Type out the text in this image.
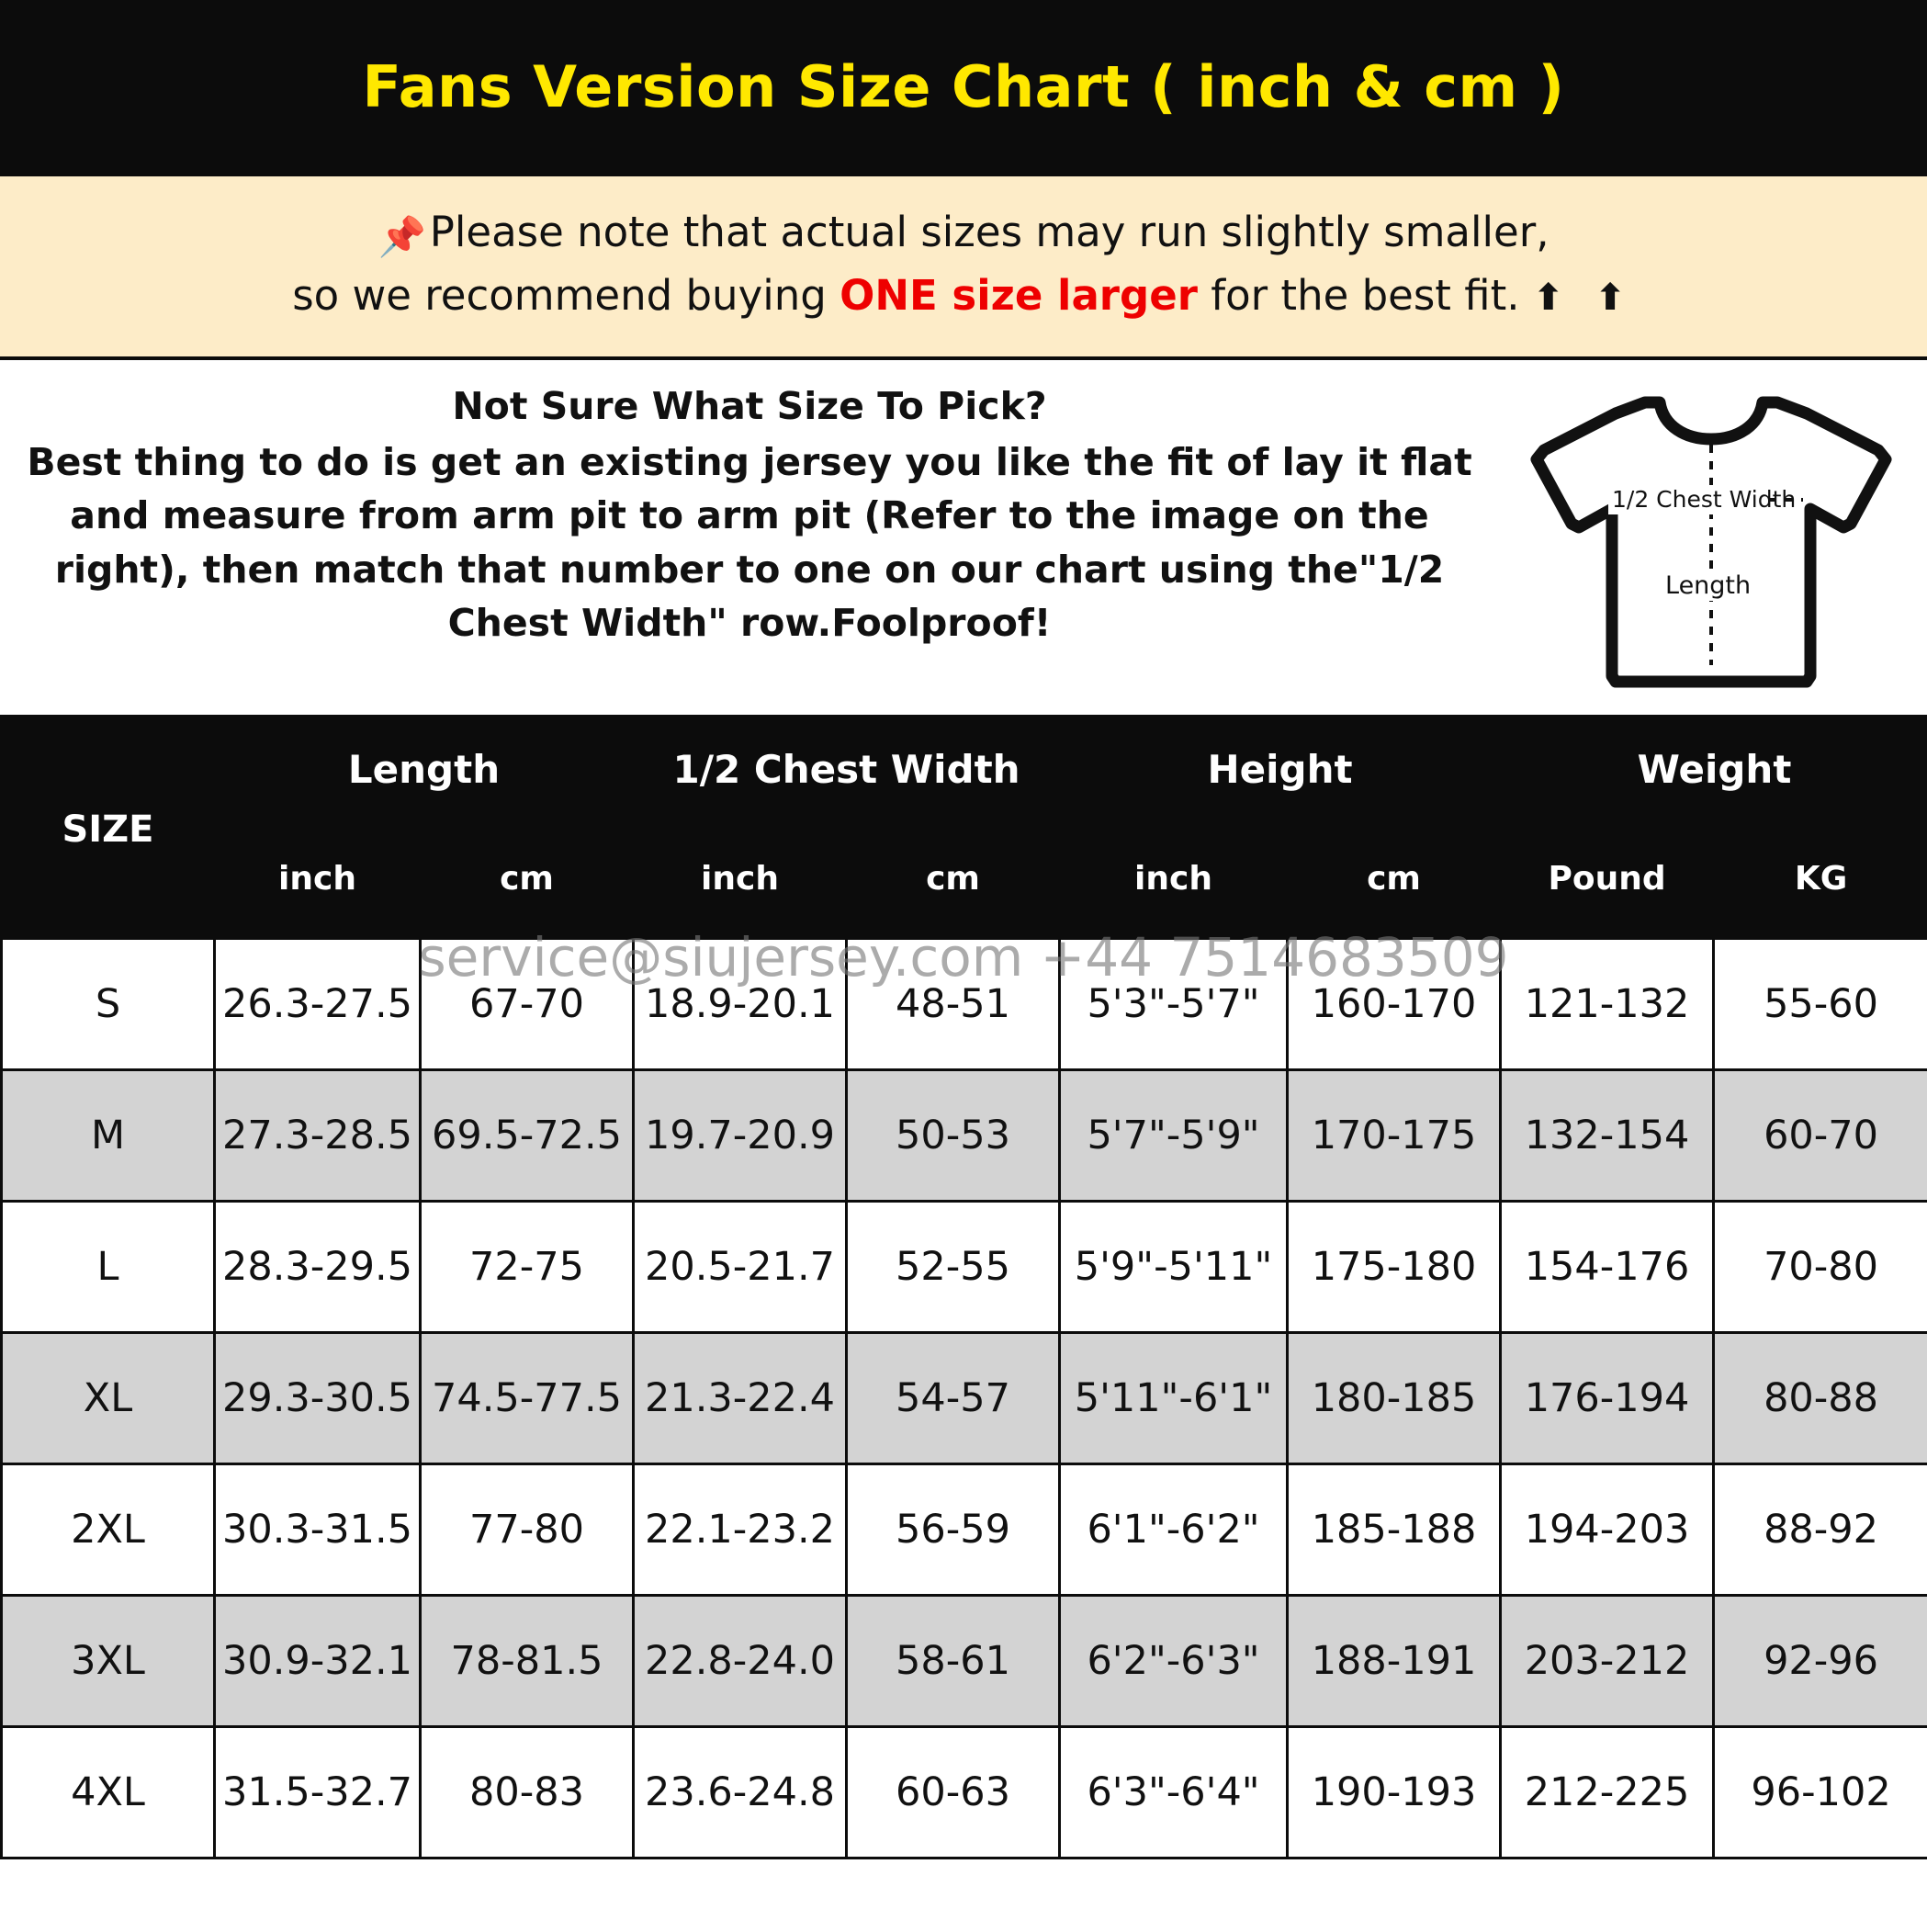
Fans Version Size Chart ( inch & cm )
📌Please note that actual sizes may run slightly smaller,
so we recommend buying ONE size larger for the best fit. ⬆ ⬆
Not Sure What Size To Pick?
Best thing to do is get an existing jersey you like the fit of lay it flat and measure from arm pit to arm pit (Refer to the image on the right), then match that number to one on our chart using the"1/2 Chest Width" row.Foolproof!
1/2 Chest Width
Length
SIZE	Length		1/2 Chest Width		Height		Weight	
	inch	cm	inch	cm	inch	cm	Pound	KG
S	26.3-27.5	67-70	18.9-20.1	48-51	5'3"-5'7"	160-170	121-132	55-60
M	27.3-28.5	69.5-72.5	19.7-20.9	50-53	5'7"-5'9"	170-175	132-154	60-70
L	28.3-29.5	72-75	20.5-21.7	52-55	5'9"-5'11"	175-180	154-176	70-80
XL	29.3-30.5	74.5-77.5	21.3-22.4	54-57	5'11"-6'1"	180-185	176-194	80-88
2XL	30.3-31.5	77-80	22.1-23.2	56-59	6'1"-6'2"	185-188	194-203	88-92
3XL	30.9-32.1	78-81.5	22.8-24.0	58-61	6'2"-6'3"	188-191	203-212	92-96
4XL	31.5-32.7	80-83	23.6-24.8	60-63	6'3"-6'4"	190-193	212-225	96-102
service@siujersey.com +44 7514683509
